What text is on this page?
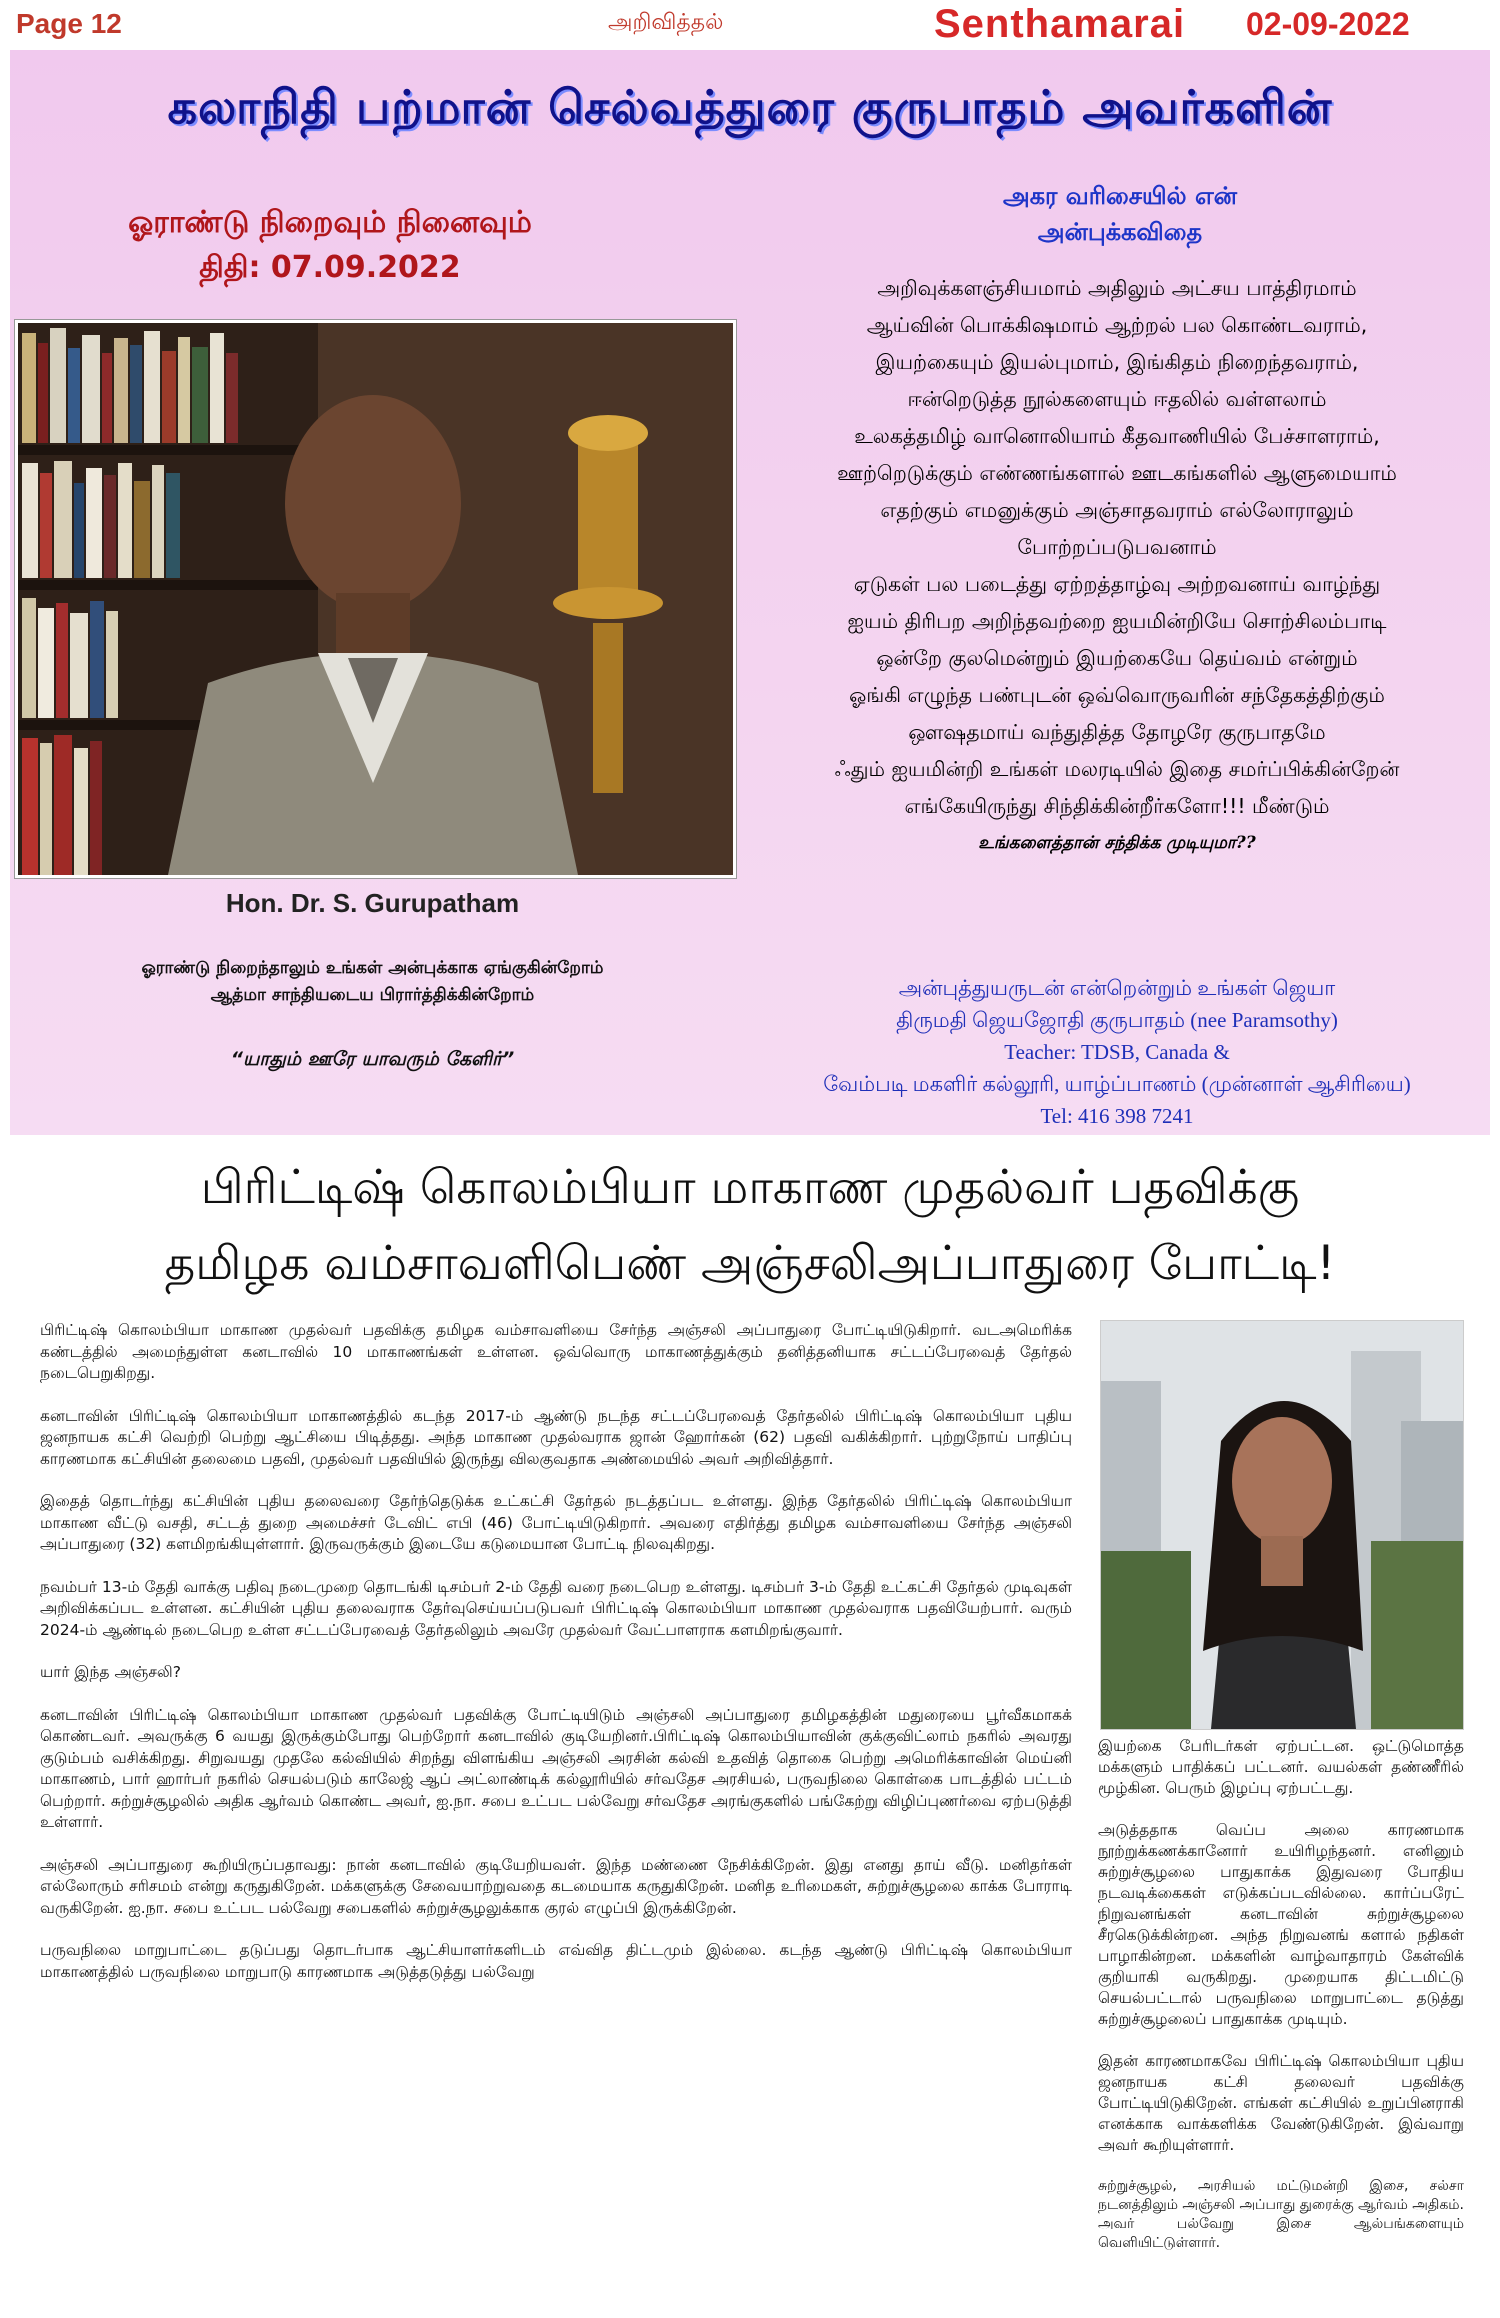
Page 12	அறிவித்தல்	Senthamarai 02-09-2022
கலாநிதி பற்மான் செல்வத்துரை குருபாதம் அவர்களின்
ஓராண்டு நிறைவும் நினைவும்
திதி: 07.09.2022
Hon. Dr. S. Gurupatham
ஓராண்டு நிறைந்தாலும் உங்கள் அன்புக்காக ஏங்குகின்றோம்
ஆத்மா சாந்தியடைய பிரார்த்திக்கின்றோம்
“யாதும் ஊரே யாவரும் கேளிர்”
அகர வரிசையில் என்
அன்புக்கவிதை
அறிவுக்களஞ்சியமாம் அதிலும் அட்சய பாத்திரமாம்
ஆய்வின் பொக்கிஷமாம் ஆற்றல் பல கொண்டவராம்,
இயற்கையும் இயல்புமாம், இங்கிதம் நிறைந்தவராம்,
ஈன்றெடுத்த நூல்களையும் ஈதலில் வள்ளலாம்
உலகத்தமிழ் வானொலியாம் கீதவாணியில் பேச்சாளராம்,
ஊற்றெடுக்கும் எண்ணங்களால் ஊடகங்களில் ஆளுமையாம்
எதற்கும் எமனுக்கும் அஞ்சாதவராம் எல்லோராலும்
போற்றப்படுபவனாம்
ஏடுகள் பல படைத்து ஏற்றத்தாழ்வு அற்றவனாய் வாழ்ந்து
ஐயம் திரிபற அறிந்தவற்றை ஐயமின்றியே சொற்சிலம்பாடி
ஒன்றே குலமென்றும் இயற்கையே தெய்வம் என்றும்
ஓங்கி எழுந்த பண்புடன் ஒவ்வொருவரின் சந்தேகத்திற்கும்
ஔஷதமாய் வந்துதித்த தோழரே குருபாதமே
ஃதும் ஐயமின்றி உங்கள் மலரடியில் இதை சமர்ப்பிக்கின்றேன்
எங்கேயிருந்து சிந்திக்கின்றீர்களோ!!! மீண்டும்
உங்களைத்தான் சந்திக்க முடியுமா??
அன்புத்துயருடன் என்றென்றும் உங்கள் ஜெயா
திருமதி ஜெயஜோதி குருபாதம் (nee Paramsothy)
Teacher: TDSB, Canada &
வேம்படி மகளிர் கல்லூரி, யாழ்ப்பாணம் (முன்னாள் ஆசிரியை)
Tel: 416 398 7241
பிரிட்டிஷ் கொலம்பியா மாகாண முதல்வர் பதவிக்கு
தமிழக வம்சாவளிபெண் அஞ்சலிஅப்பாதுரை போட்டி!

பிரிட்டிஷ் கொலம்பியா மாகாண முதல்வர் பதவிக்கு தமிழக வம்சாவளியை சேர்ந்த அஞ்சலி அப்பாதுரை போட்டியிடுகிறார். வடஅமெரிக்க கண்டத்தில் அமைந்துள்ள கனடாவில் 10 மாகாணங்கள் உள்ளன. ஒவ்வொரு மாகாணத்துக்கும் தனித்தனியாக சட்டப்பேரவைத் தேர்தல் நடைபெறுகிறது.

கனடாவின் பிரிட்டிஷ் கொலம்பியா மாகாணத்தில் கடந்த 2017-ம் ஆண்டு நடந்த சட்டப்பேரவைத் தேர்தலில் பிரிட்டிஷ் கொலம்பியா புதிய ஜனநாயக கட்சி வெற்றி பெற்று ஆட்சியை பிடித்தது. அந்த மாகாண முதல்வராக ஜான் ஹோர்கன் (62) பதவி வகிக்கிறார். புற்றுநோய் பாதிப்பு காரணமாக கட்சியின் தலைமை பதவி, முதல்வர் பதவியில் இருந்து விலகுவதாக அண்மையில் அவர் அறிவித்தார்.

இதைத் தொடர்ந்து கட்சியின் புதிய தலைவரை தேர்ந்தெடுக்க உட்கட்சி தேர்தல் நடத்தப்பட உள்ளது. இந்த தேர்தலில் பிரிட்டிஷ் கொலம்பியா மாகாண வீட்டு வசதி, சட்டத் துறை அமைச்சர் டேவிட் எபி (46) போட்டியிடுகிறார். அவரை எதிர்த்து தமிழக வம்சாவளியை சேர்ந்த அஞ்சலி அப்பாதுரை (32) களமிறங்கியுள்ளார். இருவருக்கும் இடையே கடுமையான போட்டி நிலவுகிறது.

நவம்பர் 13-ம் தேதி வாக்கு பதிவு நடைமுறை தொடங்கி டிசம்பர் 2-ம் தேதி வரை நடைபெற உள்ளது. டிசம்பர் 3-ம் தேதி உட்கட்சி தேர்தல் முடிவுகள் அறிவிக்கப்பட உள்ளன. கட்சியின் புதிய தலைவராக தேர்வுசெய்யப்படுபவர் பிரிட்டிஷ் கொலம்பியா மாகாண முதல்வராக பதவியேற்பார். வரும் 2024-ம் ஆண்டில் நடைபெற உள்ள சட்டப்பேரவைத் தேர்தலிலும் அவரே முதல்வர் வேட்பாளராக களமிறங்குவார்.

யார் இந்த அஞ்சலி?

கனடாவின் பிரிட்டிஷ் கொலம்பியா மாகாண முதல்வர் பதவிக்கு போட்டியிடும் அஞ்சலி அப்பாதுரை தமிழகத்தின் மதுரையை பூர்வீகமாகக் கொண்டவர். அவருக்கு 6 வயது இருக்கும்போது பெற்றோர் கனடாவில் குடியேறினர்.பிரிட்டிஷ் கொலம்பியாவின் குக்குவிட்லாம் நகரில் அவரது குடும்பம் வசிக்கிறது. சிறுவயது முதலே கல்வியில் சிறந்து விளங்கிய அஞ்சலி அரசின் கல்வி உதவித் தொகை பெற்று அமெரிக்காவின் மெய்னி மாகாணம், பார் ஹார்பர் நகரில் செயல்படும் காலேஜ் ஆப் அட்லாண்டிக் கல்லூரியில் சர்வதேச அரசியல், பருவநிலை கொள்கை பாடத்தில் பட்டம் பெற்றார். சுற்றுச்சூழலில் அதிக ஆர்வம் கொண்ட அவர், ஐ.நா. சபை உட்பட பல்வேறு சர்வதேச அரங்குகளில் பங்கேற்று விழிப்புணர்வை ஏற்படுத்தி உள்ளார்.

அஞ்சலி அப்பாதுரை கூறியிருப்பதாவது: நான் கனடாவில் குடியேறியவள். இந்த மண்ணை நேசிக்கிறேன். இது எனது தாய் வீடு. மனிதர்கள் எல்லோரும் சரிசமம் என்று கருதுகிறேன். மக்களுக்கு சேவையாற்றுவதை கடமையாக கருதுகிறேன். மனித உரிமைகள், சுற்றுச்சூழலை காக்க போராடி வருகிறேன். ஐ.நா. சபை உட்பட பல்வேறு சபைகளில் சுற்றுச்சூழலுக்காக குரல் எழுப்பி இருக்கிறேன்.

பருவநிலை மாறுபாட்டை தடுப்பது தொடர்பாக ஆட்சியாளர்களிடம் எவ்வித திட்டமும் இல்லை. கடந்த ஆண்டு பிரிட்டிஷ் கொலம்பியா மாகாணத்தில் பருவநிலை மாறுபாடு காரணமாக அடுத்தடுத்து பல்வேறு

இயற்கை பேரிடர்கள் ஏற்பட்டன. ஒட்டுமொத்த மக்களும் பாதிக்கப் பட்டனர். வயல்கள் தண்ணீரில் மூழ்கின. பெரும் இழப்பு ஏற்பட்டது.

அடுத்ததாக வெப்ப அலை காரணமாக நூற்றுக்கணக்கானோர் உயிரிழந்தனர். எனினும் சுற்றுச்சூழலை பாதுகாக்க இதுவரை போதிய நடவடிக்கைகள் எடுக்கப்படவில்லை. கார்ப்பரேட் நிறுவனங்கள் கனடாவின் சுற்றுச்சூழலை சீரகெடுக்கின்றன. அந்த நிறுவனங் களால் நதிகள் பாழாகின்றன. மக்களின் வாழ்வாதாரம் கேள்விக் குறியாகி வருகிறது. முறையாக திட்டமிட்டு செயல்பட்டால் பருவநிலை மாறுபாட்டை தடுத்து சுற்றுச்சூழலைப் பாதுகாக்க முடியும்.

இதன் காரணமாகவே பிரிட்டிஷ் கொலம்பியா புதிய ஜனநாயக கட்சி தலைவர் பதவிக்கு போட்டியிடுகிறேன். எங்கள் கட்சியில் உறுப்பினராகி எனக்காக வாக்களிக்க வேண்டுகிறேன். இவ்வாறு அவர் கூறியுள்ளார்.

சுற்றுச்சூழல், அரசியல் மட்டுமன்றி இசை, சல்சா நடனத்திலும் அஞ்சலி அப்பாது துரைக்கு ஆர்வம் அதிகம். அவர் பல்வேறு இசை ஆல்பங்களையும் வெளியிட்டுள்ளார்.
